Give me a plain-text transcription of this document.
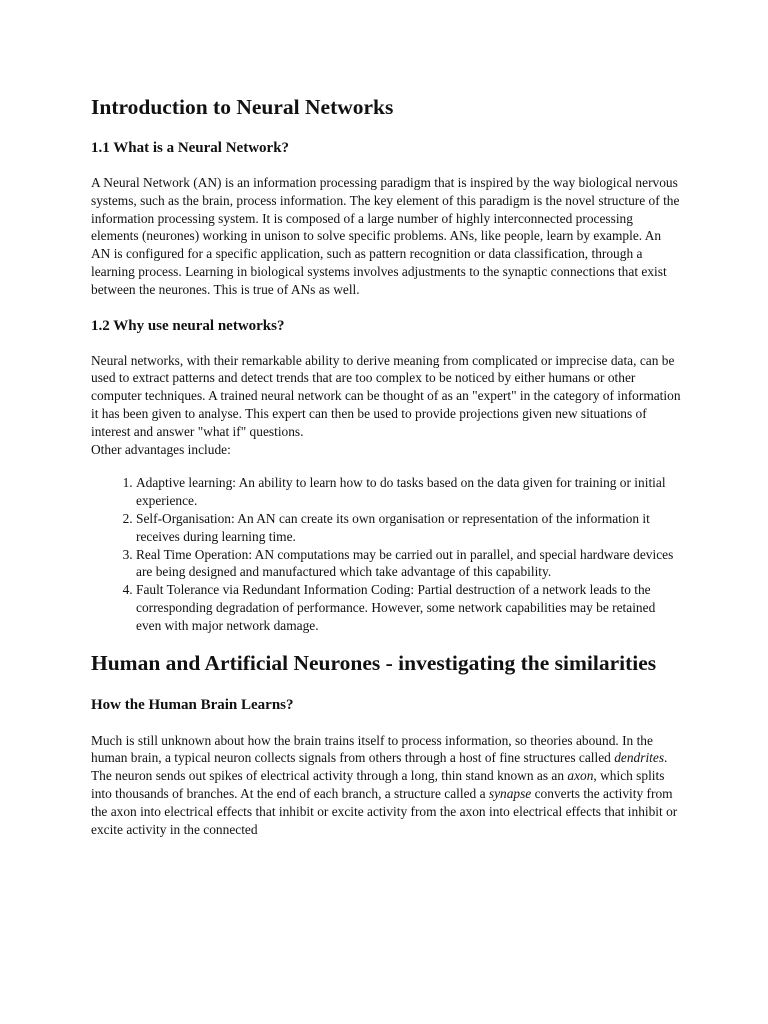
Introduction to Neural Networks
1.1 What is a Neural Network?

A Neural Network (AN) is an information processing paradigm that is inspired by the way biological nervous systems, such as the brain, process information. The key element of this paradigm is the novel structure of the information processing system. It is composed of a large number of highly interconnected processing elements (neurones) working in unison to solve specific problems. ANs, like people, learn by example. An AN is configured for a specific application, such as pattern recognition or data classification, through a learning process. Learning in biological systems involves adjustments to the synaptic connections that exist between the neurones. This is true of ANs as well.

1.2 Why use neural networks?

Neural networks, with their remarkable ability to derive meaning from complicated or imprecise data, can be used to extract patterns and detect trends that are too complex to be noticed by either humans or other computer techniques. A trained neural network can be thought of as an "expert" in the category of information it has been given to analyse. This expert can then be used to provide projections given new situations of interest and answer "what if" questions.
Other advantages include:

1. Adaptive learning: An ability to learn how to do tasks based on the data given for training or initial experience.
2. Self-Organisation: An AN can create its own organisation or representation of the information it receives during learning time.
3. Real Time Operation: AN computations may be carried out in parallel, and special hardware devices are being designed and manufactured which take advantage of this capability.
4. Fault Tolerance via Redundant Information Coding: Partial destruction of a network leads to the corresponding degradation of performance. However, some network capabilities may be retained even with major network damage.
Human and Artificial Neurones - investigating the similarities
How the Human Brain Learns?

Much is still unknown about how the brain trains itself to process information, so theories abound. In the human brain, a typical neuron collects signals from others through a host of fine structures called dendrites. The neuron sends out spikes of electrical activity through a long, thin stand known as an axon, which splits into thousands of branches. At the end of each branch, a structure called a synapse converts the activity from the axon into electrical effects that inhibit or excite activity from the axon into electrical effects that inhibit or excite activity in the connected
